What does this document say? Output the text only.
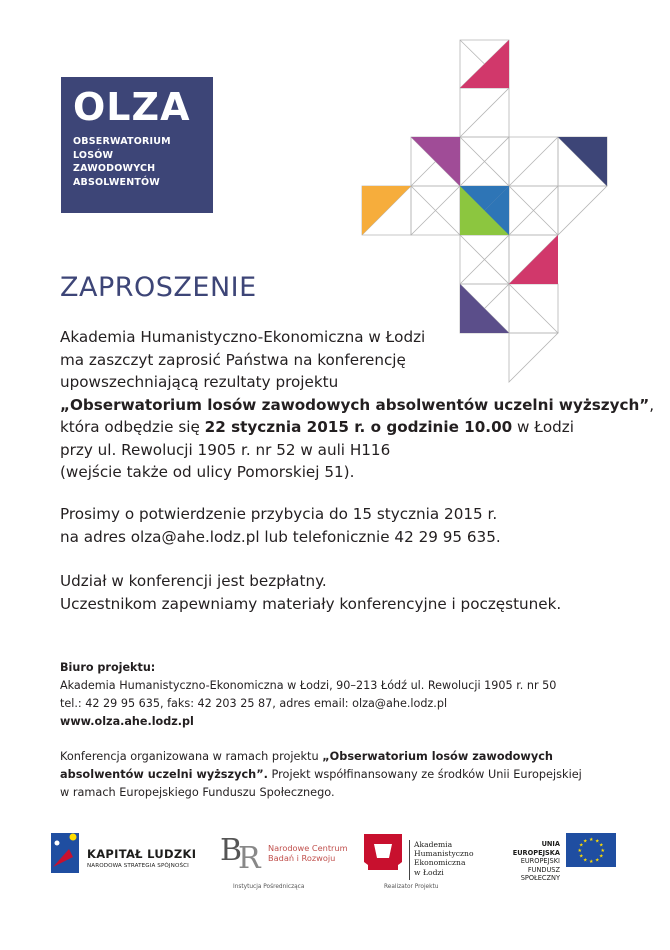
OLZA
OBSERWATORIUM
LOSÓW
ZAWODOWYCH
ABSOLWENTÓW
ZAPROSZENIE
Akademia Humanistyczno-Ekonomiczna w Łodzi
ma zaszczyt zaprosić Państwa na konferencję
upowszechniającą rezultaty projektu
„Obserwatorium losów zawodowych absolwentów uczelni wyższych”,
która odbędzie się 22 stycznia 2015 r. o godzinie 10.00 w Łodzi
przy ul. Rewolucji 1905 r. nr 52 w auli H116
(wejście także od ulicy Pomorskiej 51).
Prosimy o potwierdzenie przybycia do 15 stycznia 2015 r.
na adres olza@ahe.lodz.pl lub telefonicznie 42 29 95 635.
Udział w konferencji jest bezpłatny.
Uczestnikom zapewniamy materiały konferencyjne i poczęstunek.
Biuro projektu:
Akademia Humanistyczno-Ekonomiczna w Łodzi, 90–213 Łódź ul. Rewolucji 1905 r. nr 50
tel.: 42 29 95 635, faks: 42 203 25 87, adres email: olza@ahe.lodz.pl
www.olza.ahe.lodz.pl
Konferencja organizowana w ramach projektu „Obserwatorium losów zawodowych
absolwentów uczelni wyższych”. Projekt współfinansowany ze środków Unii Europejskiej
w ramach Europejskiego Funduszu Społecznego.
KAPITAŁ LUDZKI
NARODOWA STRATEGIA SPÓJNOŚCI B
R Narodowe Centrum
Badań i Rozwoju
Instytucja Pośrednicząca
Akademia
Humanistyczno
Ekonomiczna
w Łodzi
Realizator Projektu
UNIA EUROPEJSKA
EUROPEJSKI
FUNDUSZ SPOŁECZNY
★ ★
★
★
★
★
★
★
★
★
★
★
